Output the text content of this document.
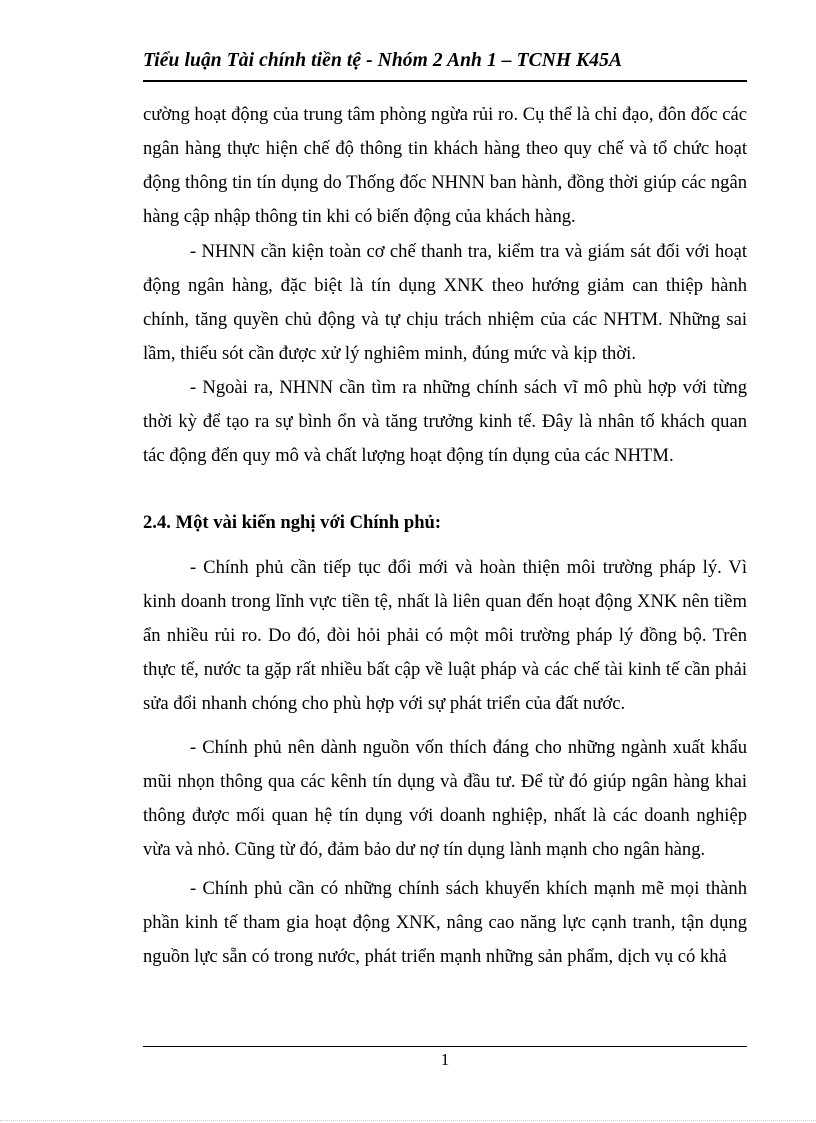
Tiểu luận Tài chính tiền tệ - Nhóm 2 Anh 1 – TCNH K45A

cường hoạt động của trung tâm phòng ngừa rủi ro. Cụ thể là chỉ đạo, đôn đốc các ngân hàng thực hiện chế độ thông tin khách hàng theo quy chế và tổ chức hoạt động thông tin tín dụng do Thống đốc NHNN ban hành, đồng thời giúp các ngân hàng cập nhập thông tin khi có biến động của khách hàng.

- NHNN cần kiện toàn cơ chế thanh tra, kiểm tra và giám sát đối với hoạt động ngân hàng, đặc biệt là tín dụng XNK theo hướng giảm can thiệp hành chính, tăng quyền chủ động và tự chịu trách nhiệm của các NHTM. Những sai lầm, thiếu sót cần được xử lý nghiêm minh, đúng mức và kịp thời.

- Ngoài ra, NHNN cần tìm ra những chính sách vĩ mô phù hợp với từng thời kỳ để tạo ra sự bình ổn và tăng trưởng kinh tế. Đây là nhân tố khách quan tác động đến quy mô và chất lượng hoạt động tín dụng của các NHTM.

2.4. Một vài kiến nghị với Chính phủ:

- Chính phủ cần tiếp tục đổi mới và hoàn thiện môi trường pháp lý. Vì kinh doanh trong lĩnh vực tiền tệ, nhất là liên quan đến hoạt động XNK nên tiềm ẩn nhiều rủi ro. Do đó, đòi hỏi phải có một môi trường pháp lý đồng bộ. Trên thực tế, nước ta gặp rất nhiều bất cập về luật pháp và các chế tài kinh tế cần phải sửa đổi nhanh chóng cho phù hợp với sự phát triển của đất nước.

- Chính phủ nên dành nguồn vốn thích đáng cho những ngành xuất khẩu mũi nhọn thông qua các kênh tín dụng và đầu tư. Để từ đó giúp ngân hàng khai thông được mối quan hệ tín dụng với doanh nghiệp, nhất là các doanh nghiệp vừa và nhỏ. Cũng từ đó, đảm bảo dư nợ tín dụng lành mạnh cho ngân hàng.

- Chính phủ cần có những chính sách khuyến khích mạnh mẽ mọi thành phần kinh tế tham gia hoạt động XNK, nâng cao năng lực cạnh tranh, tận dụng nguồn lực sẵn có trong nước, phát triển mạnh những sản phẩm, dịch vụ có khả

1
